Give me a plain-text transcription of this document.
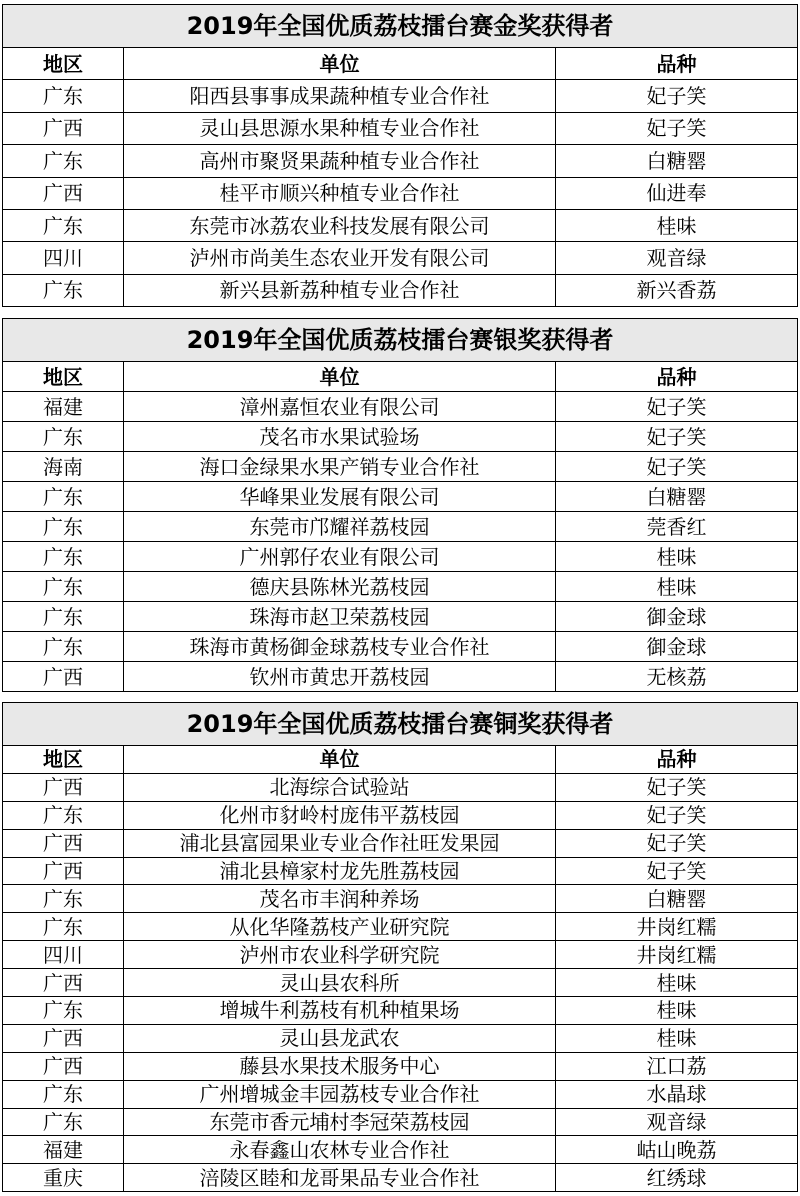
2019年全国优质荔枝擂台赛金奖获得者		
地区	单位	品种
广东	阳西县事事成果蔬种植专业合作社	妃子笑
广西	灵山县思源水果种植专业合作社	妃子笑
广东	高州市聚贤果蔬种植专业合作社	白糖罂
广西	桂平市顺兴种植专业合作社	仙进奉
广东	东莞市冰荔农业科技发展有限公司	桂味
四川	泸州市尚美生态农业开发有限公司	观音绿
广东	新兴县新荔种植专业合作社	新兴香荔
2019年全国优质荔枝擂台赛银奖获得者		
地区	单位	品种
福建	漳州嘉恒农业有限公司	妃子笑
广东	茂名市水果试验场	妃子笑
海南	海口金绿果水果产销专业合作社	妃子笑
广东	华峰果业发展有限公司	白糖罂
广东	东莞市邝耀祥荔枝园	莞香红
广东	广州郭仔农业有限公司	桂味
广东	德庆县陈林光荔枝园	桂味
广东	珠海市赵卫荣荔枝园	御金球
广东	珠海市黄杨御金球荔枝专业合作社	御金球
广西	钦州市黄忠开荔枝园	无核荔
2019年全国优质荔枝擂台赛铜奖获得者		
地区	单位	品种
广西	北海综合试验站	妃子笑
广东	化州市豺岭村庞伟平荔枝园	妃子笑
广西	浦北县富园果业专业合作社旺发果园	妃子笑
广西	浦北县樟家村龙先胜荔枝园	妃子笑
广东	茂名市丰润种养场	白糖罂
广东	从化华隆荔枝产业研究院	井岗红糯
四川	泸州市农业科学研究院	井岗红糯
广西	灵山县农科所	桂味
广东	增城牛利荔枝有机种植果场	桂味
广西	灵山县龙武农	桂味
广西	藤县水果技术服务中心	江口荔
广东	广州增城金丰园荔枝专业合作社	水晶球
广东	东莞市香元埔村李冠荣荔枝园	观音绿
福建	永春鑫山农林专业合作社	岵山晚荔
重庆	涪陵区睦和龙哥果品专业合作社	红绣球
